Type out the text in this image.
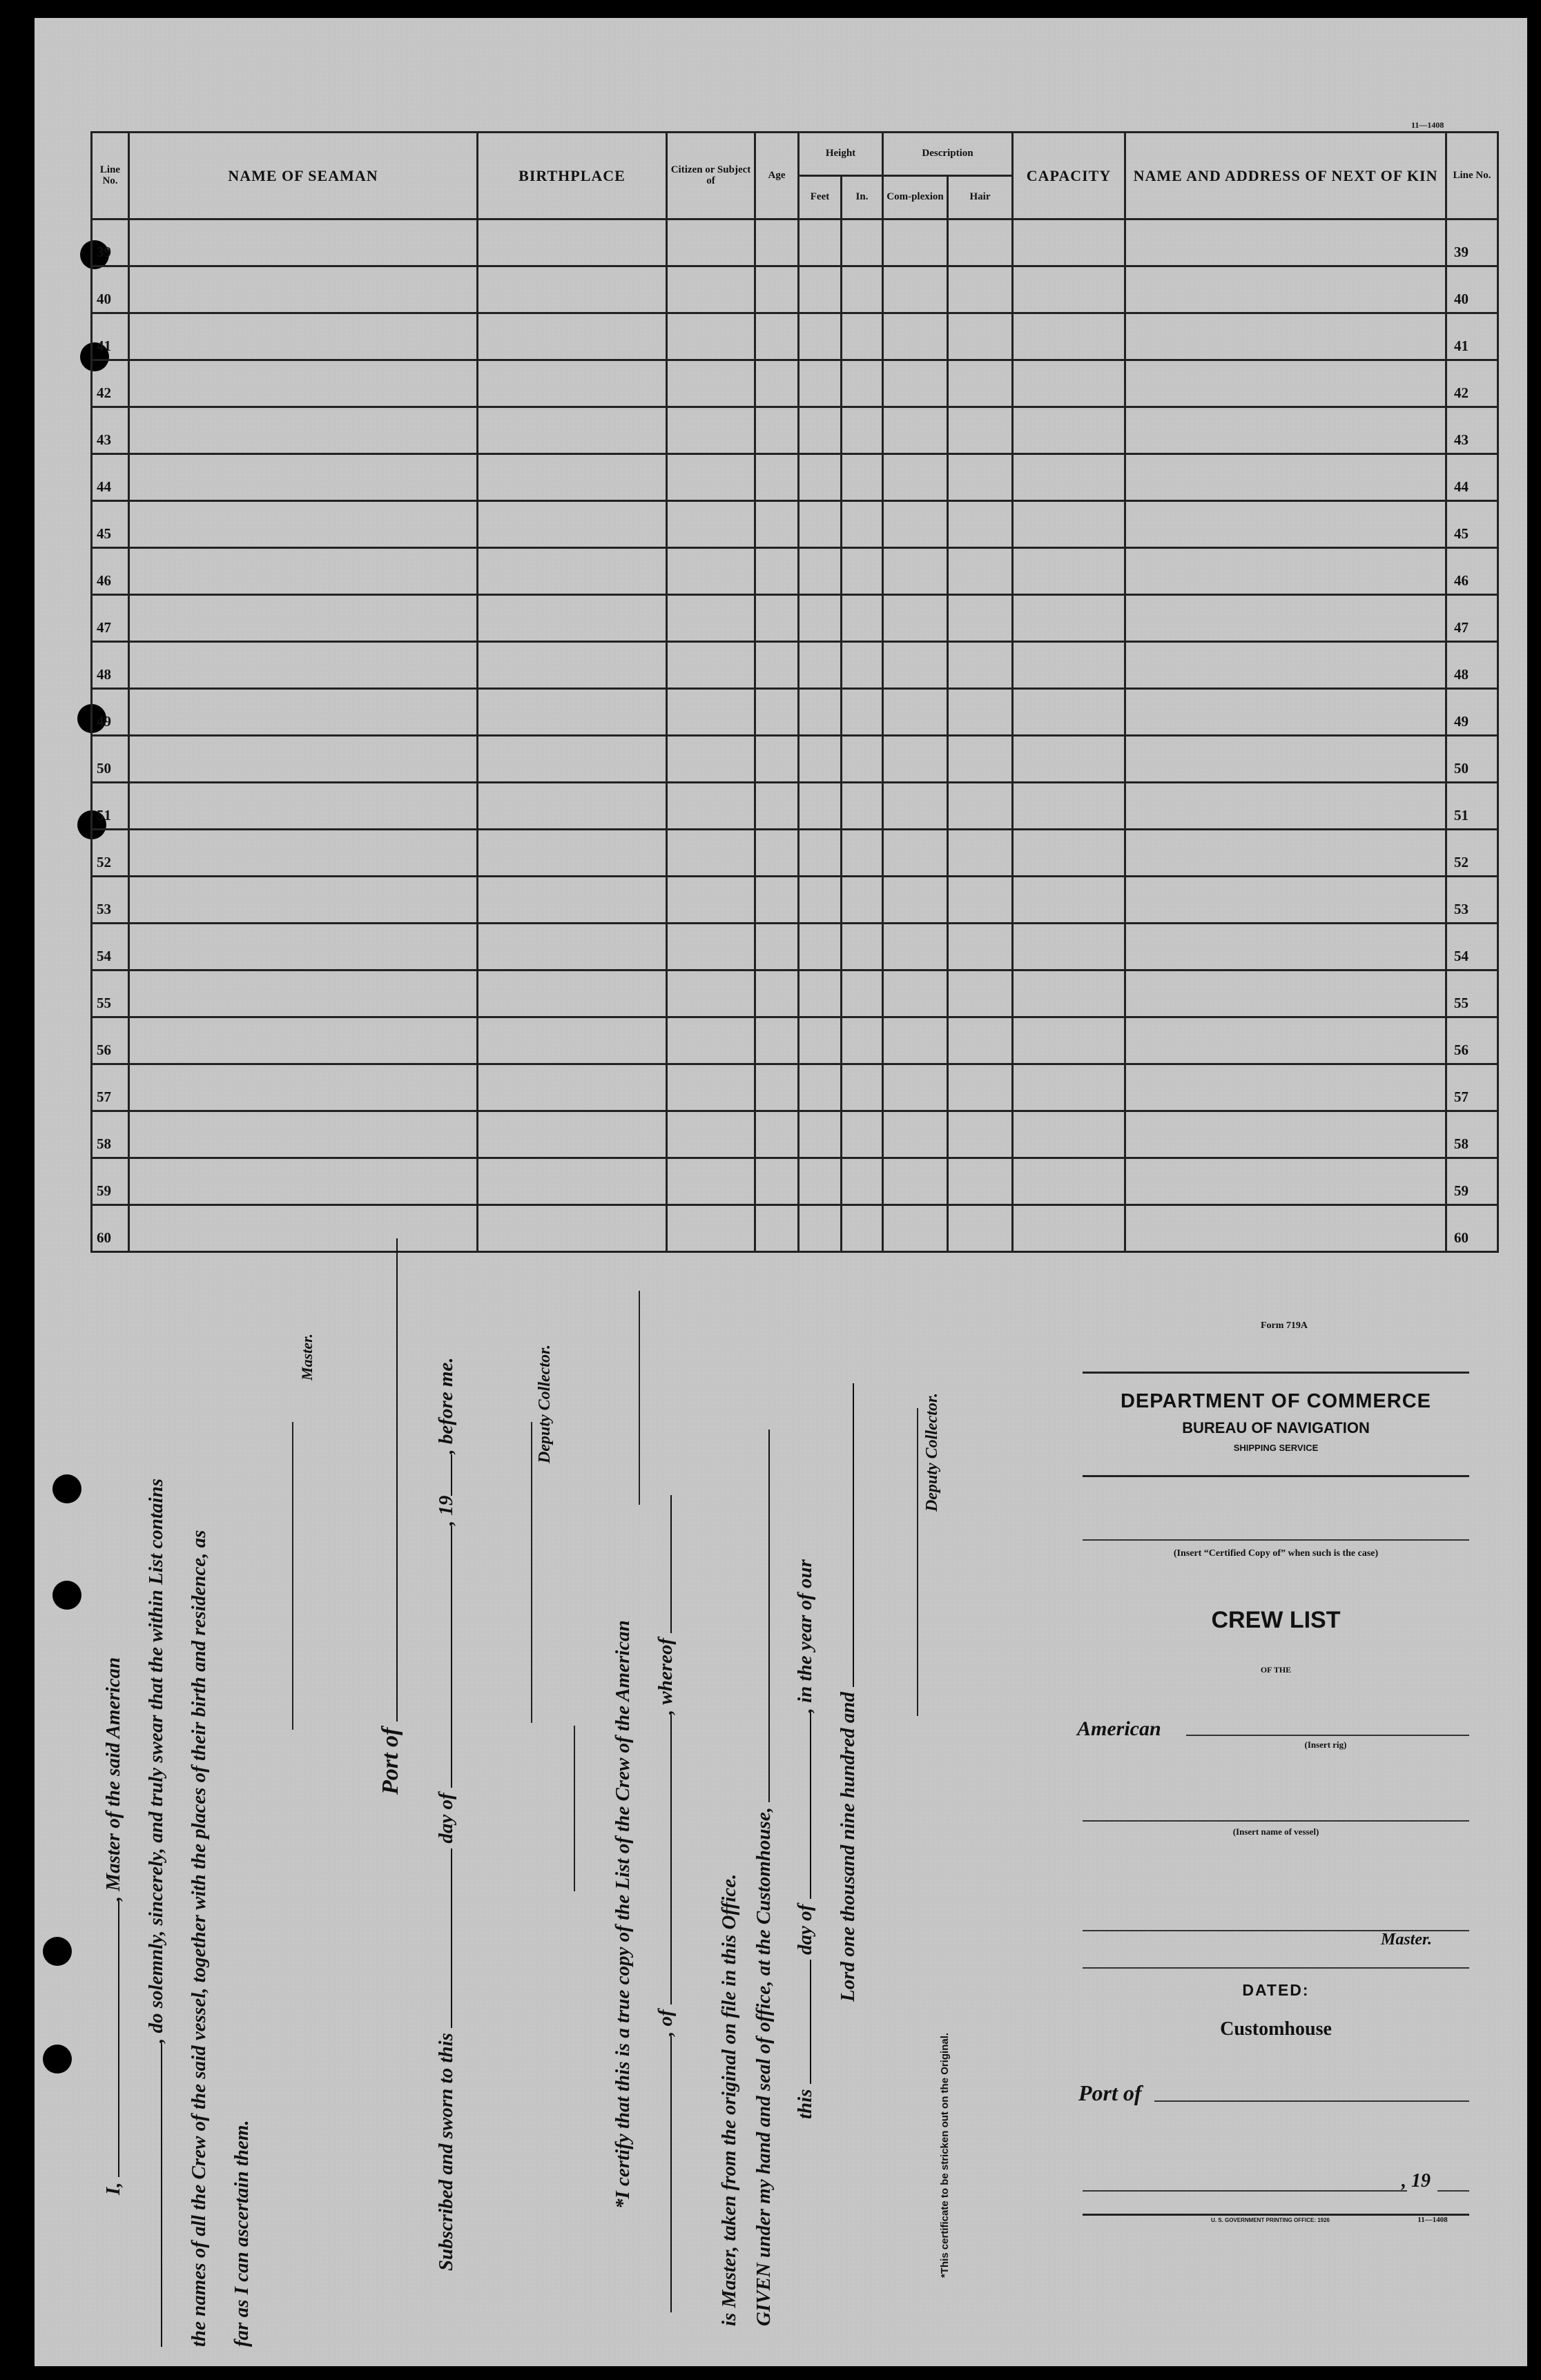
11—1408
Line No.	NAME OF SEAMAN	BIRTHPLACE	Citizen or Subject of	Age	Height		Description		CAPACITY	NAME AND ADDRESS OF NEXT OF KIN	Line No.
					Feet	In.	Com-plexion	Hair			
39											39
40											40
41											41
42											42
43											43
44											44
45											45
46											46
47											47
48											48
49											49
50											50
51											51
52											52
53											53
54											54
55											55
56											56
57											57
58											58
59											59
60											60
I, , Master of the said American , do solemnly, sincerely, and truly swear that the within List contains the names of all the Crew of the said vessel, together with the places of their birth and residence, as far as I can ascertain them.
Master.
Port of
Subscribed and sworn to this  day of , 19, before me.	Deputy Collector.
*I certify that this is a true copy of the List of the Crew of the American , of , whereof
is Master, taken from the original on file in this Office. GIVEN under my hand and seal of office, at the Customhouse, this  day of , in the year of our
Lord one thousand nine hundred and
Deputy Collector.
*This certificate to be stricken out on the Original.
Form 719A
DEPARTMENT OF COMMERCE
BUREAU OF NAVIGATION
SHIPPING SERVICE
(Insert “Certified Copy of” when such is the case)
CREW LIST
OF THE
American
(Insert rig)
(Insert name of vessel)
Master.
DATED:
Customhouse
Port of
, 19
U. S. GOVERNMENT PRINTING OFFICE: 1926	11—1408
